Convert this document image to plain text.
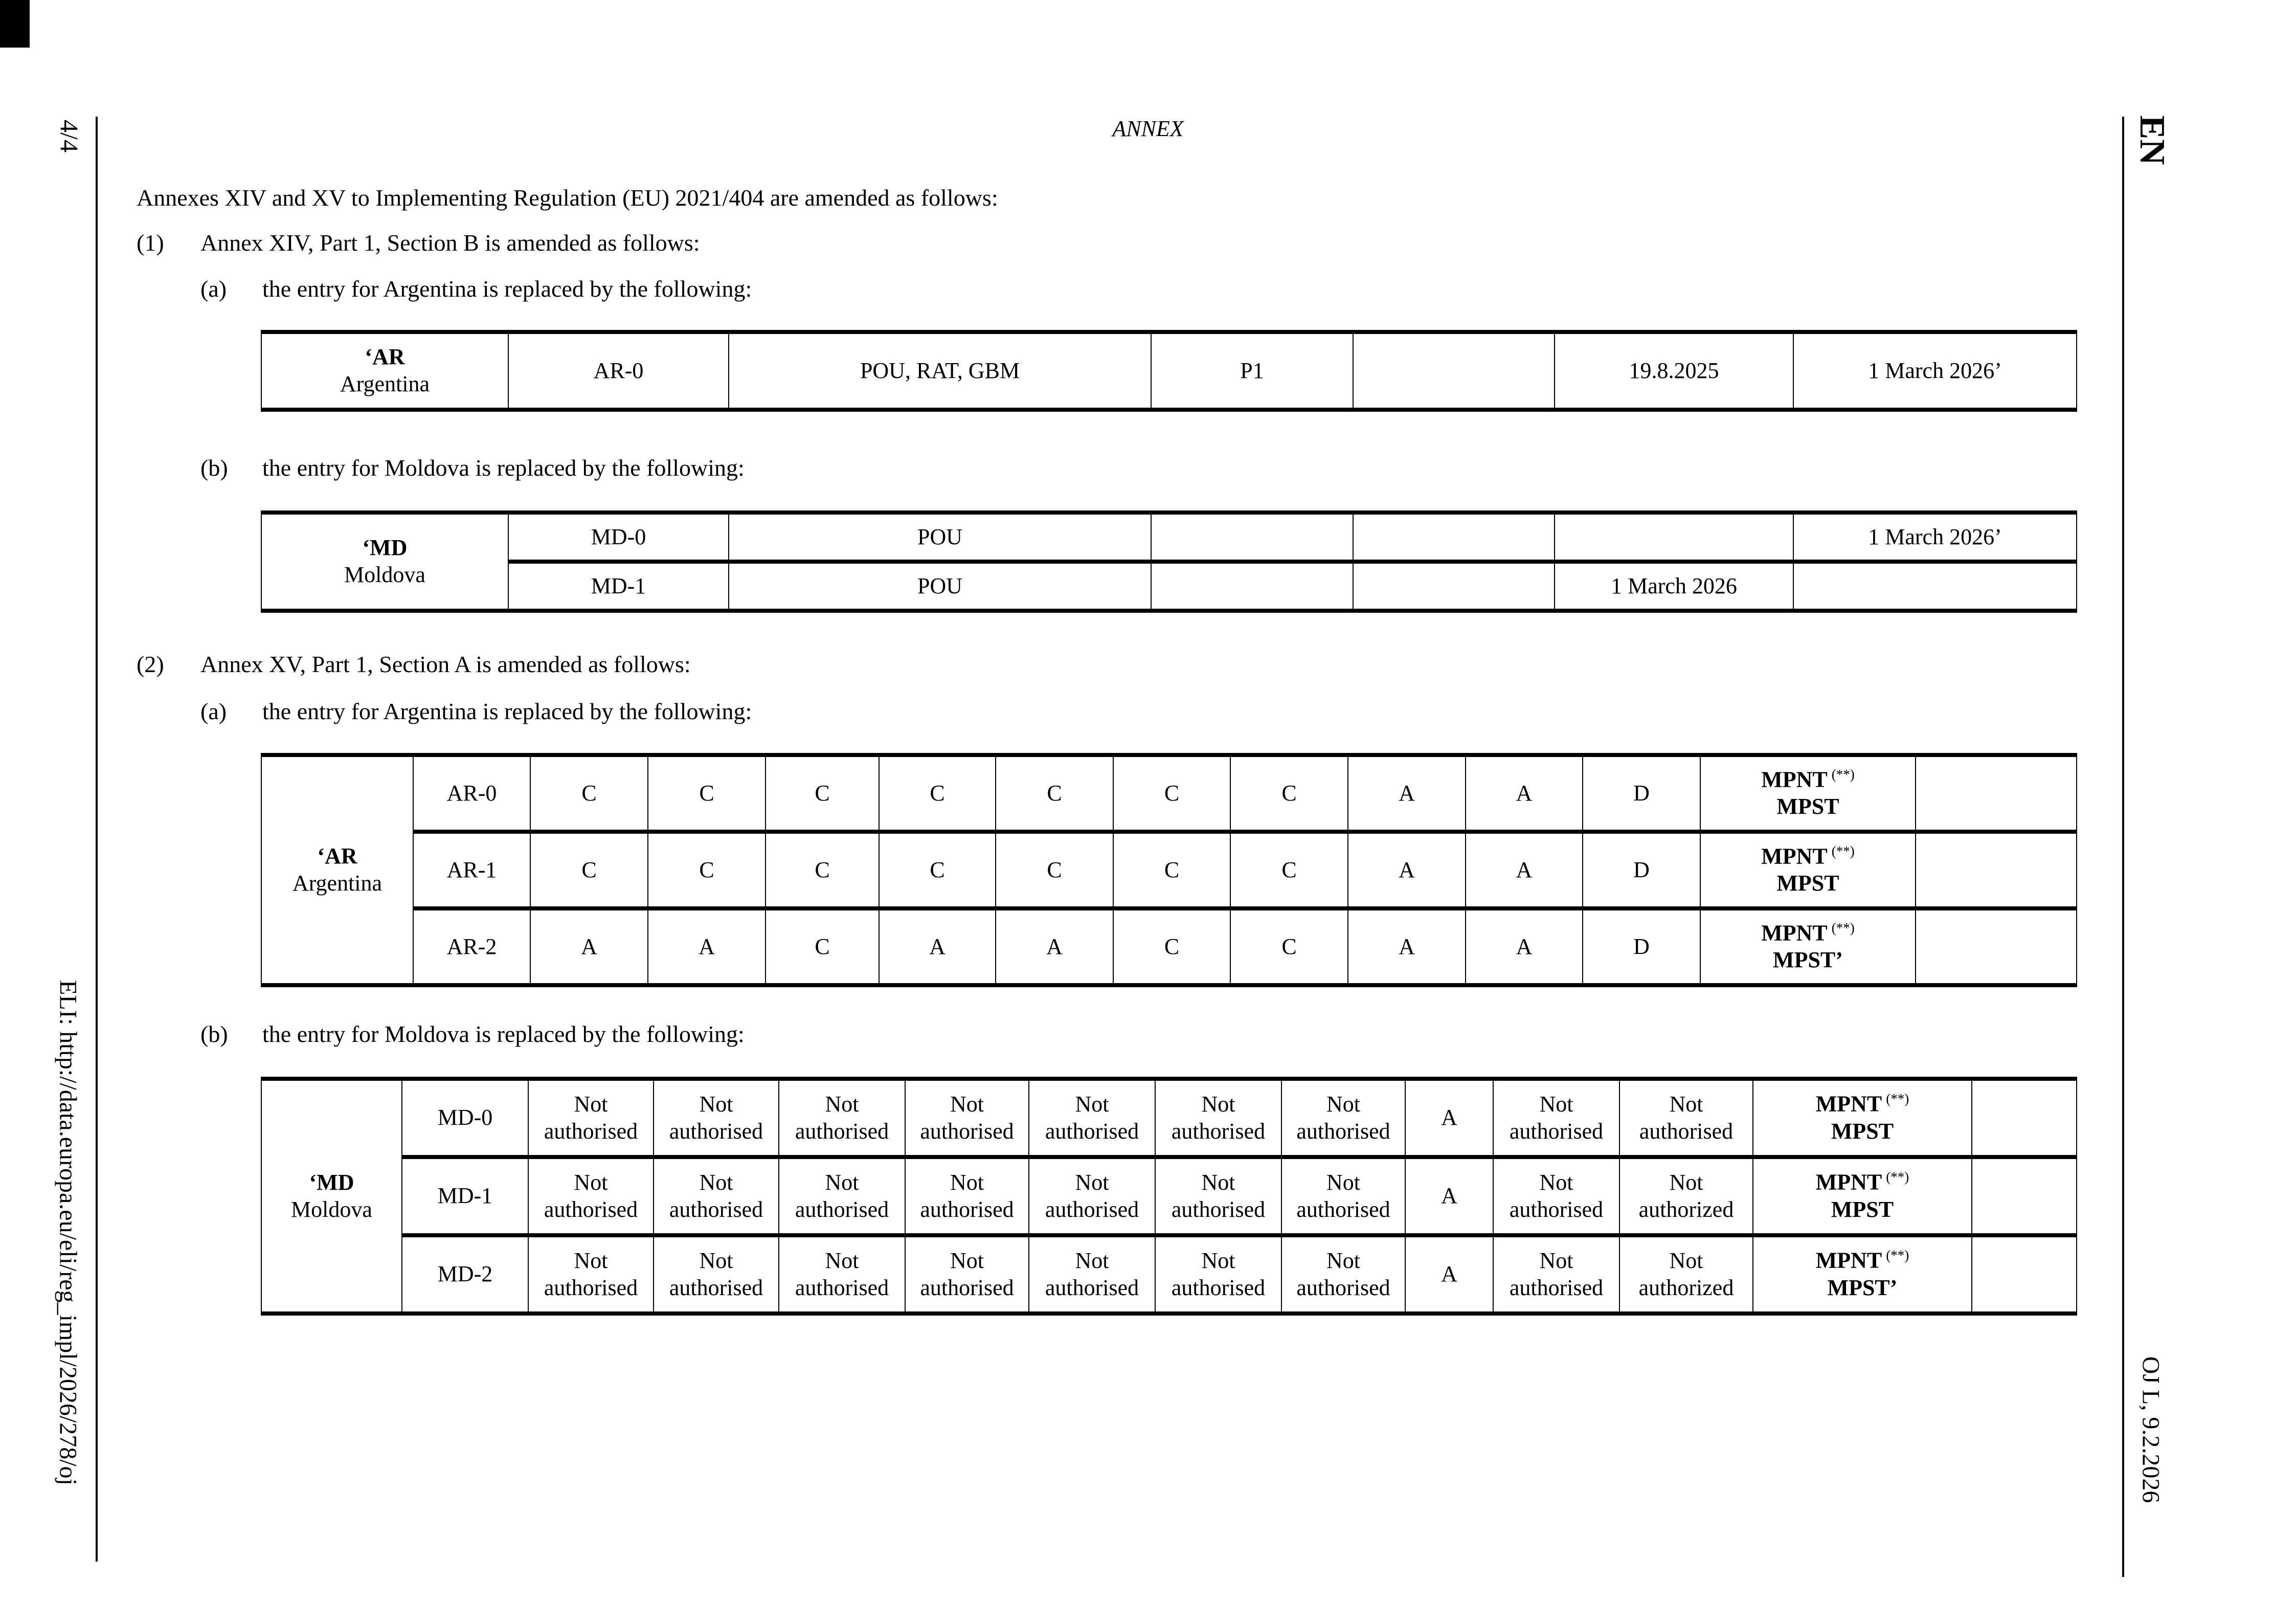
4/4
ELI: http://data.europa.eu/eli/reg_impl/2026/278/oj
EN
OJ L, 9.2.2026
ANNEX
Annexes XIV and XV to Implementing Regulation (EU) 2021/404 are amended as follows:
(1) Annex XIV, Part 1, Section B is amended as follows:
(a) the entry for Argentina is replaced by the following:
‘AR
Argentina	AR-0	POU, RAT, GBM	P1		19.8.2025	1 March 2026’
(b) the entry for Moldova is replaced by the following:
‘MD
Moldova	MD-0	POU				1 March 2026’
	MD-1	POU			1 March 2026	
(2) Annex XV, Part 1, Section A is amended as follows:
(a) the entry for Argentina is replaced by the following:
‘AR
Argentina	AR-0	C	C	C	C	C	C	C	A	A	D	MPNT (**)
MPST	
	AR-1	C	C	C	C	C	C	C	A	A	D	MPNT (**)
MPST	
	AR-2	A	A	C	A	A	C	C	A	A	D	MPNT (**)
MPST’	
(b) the entry for Moldova is replaced by the following:
‘MD
Moldova	MD-0	Not authorised	Not authorised	Not authorised	Not authorised	Not authorised	Not authorised	Not authorised	A	Not authorised	Not authorised	MPNT (**)
MPST	
	MD-1	Not authorised	Not authorised	Not authorised	Not authorised	Not authorised	Not authorised	Not authorised	A	Not authorised	Not authorized	MPNT (**)
MPST	
	MD-2	Not authorised	Not authorised	Not authorised	Not authorised	Not authorised	Not authorised	Not authorised	A	Not authorised	Not authorized	MPNT (**)
MPST’	
